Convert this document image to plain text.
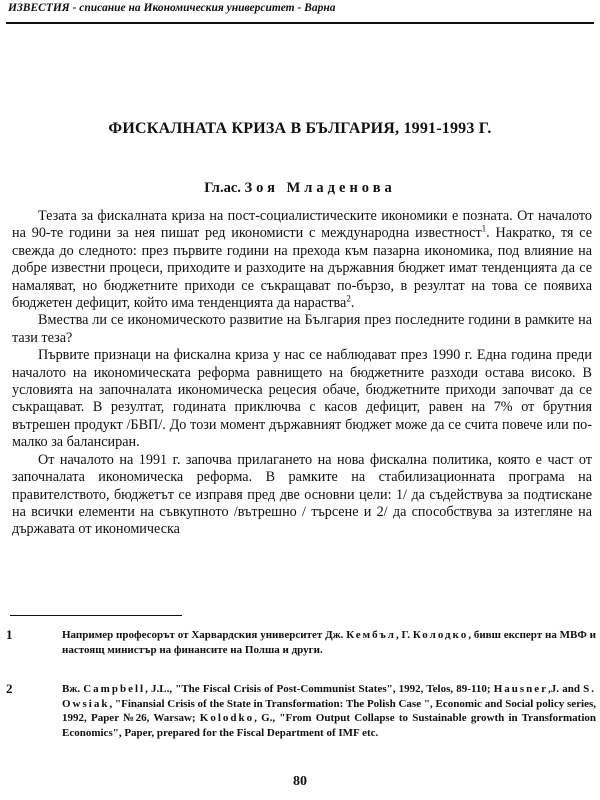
ИЗВЕСТИЯ - списание на Икономическия университет - Варна
ФИСКАЛНАТА КРИЗА В БЪЛГАРИЯ, 1991-1993 Г.
Гл.ас. Зоя Младенова

Тезата за фискалната криза на пост-социалистическите икономики е позната. От началото на 90-те години за нея пишат ред икономисти с международна известност$^1$. Накратко, тя се свежда до следното: през първите години на прехода към пазарна икономика, под влияние на добре известни процеси, приходите и разходите на държавния бюджет имат тенденцията да се намаляват, но бюджетните приходи се съкращават по-бързо, в резултат на това се появиха бюджетен дефицит, който има тенденцията да нараства$^2$.

Вмества ли се икономическото развитие на България през последните години в рамките на тази теза?

Първите признаци на фискална криза у нас се наблюдават през 1990 г. Една година преди началото на икономическата реформа равнището на бюджетните разходи остава високо. В условията на започналата икономическа рецесия обаче, бюджетните приходи започват да се съкращават. В резултат, годината приключва с касов дефицит, равен на 7% от брутния вътрешен продукт /БВП/. До този момент държавният бюджет може да се счита повече или по-малко за балансиран.

От началото на 1991 г. започва прилагането на нова фискална политика, която е част от започналата икономическа реформа. В рамките на стабилизационната програма на правителството, бюджетът се изправя пред две основни цели: 1/ да съдействува за подтискане на всички елементи на съвкупното /вътрешно / търсене и 2/ да способствува за изтегляне на държавата от икономическа

1	Например професорът от Харвардския университет Дж. Кембъл, Г. Колодко, бивш експерт на МВФ и настоящ министър на финансите на Полша и други.
2	Вж. Campbell, J.L., "The Fiscal Crisis of Post-Communist States", 1992, Telos, 89-110; Hausner,J. and S. Owsiak, "Finansial Crisis of the State in Transformation: The Polish Case ", Economic and Social policy series, 1992, Paper №26, Warsaw; Kolodko, G., "From Output Collapse to Sustainable growth in Transformation Economics", Paper, prepared for the Fiscal Department of IMF etc.
80
